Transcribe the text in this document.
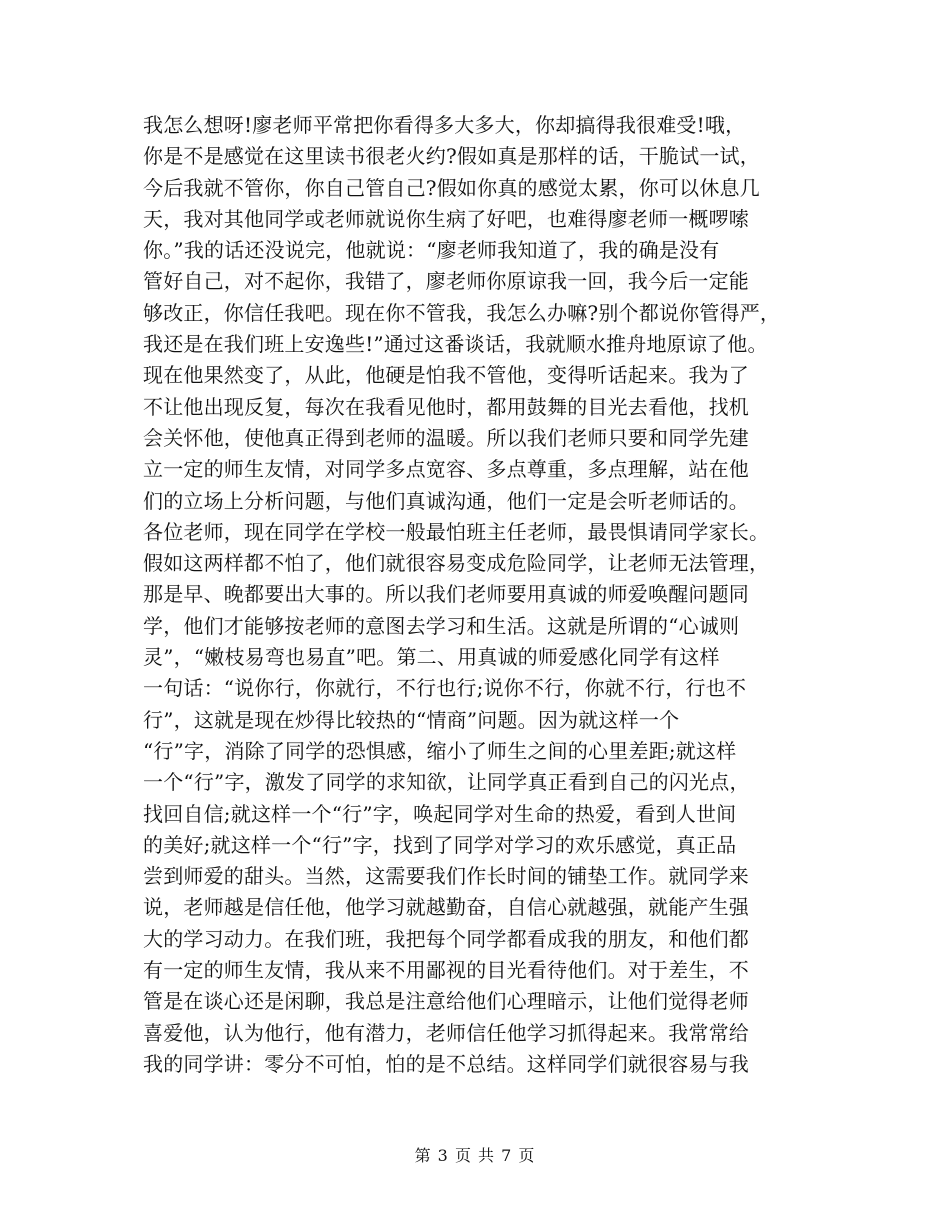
我怎么想呀!廖老师平常把你看得多大多大，你却搞得我很难受!哦，
你是不是感觉在这里读书很老火约?假如真是那样的话，干脆试一试，
今后我就不管你，你自己管自己?假如你真的感觉太累，你可以休息几
天，我对其他同学或老师就说你生病了好吧，也难得廖老师一概啰嗦
你。”我的话还没说完，他就说：“廖老师我知道了，我的确是没有
管好自己，对不起你，我错了，廖老师你原谅我一回，我今后一定能
够改正，你信任我吧。现在你不管我，我怎么办嘛?别个都说你管得严，
我还是在我们班上安逸些!”通过这番谈话，我就顺水推舟地原谅了他。
现在他果然变了，从此，他硬是怕我不管他，变得听话起来。我为了
不让他出现反复，每次在我看见他时，都用鼓舞的目光去看他，找机
会关怀他，使他真正得到老师的温暖。所以我们老师只要和同学先建
立一定的师生友情，对同学多点宽容、多点尊重，多点理解，站在他
们的立场上分析问题，与他们真诚沟通，他们一定是会听老师话的。
各位老师，现在同学在学校一般最怕班主任老师，最畏惧请同学家长。
假如这两样都不怕了，他们就很容易变成危险同学，让老师无法管理，
那是早、晚都要出大事的。所以我们老师要用真诚的师爱唤醒问题同
学，他们才能够按老师的意图去学习和生活。这就是所谓的“心诚则
灵”，“嫩枝易弯也易直”吧。第二、用真诚的师爱感化同学有这样
一句话：“说你行，你就行，不行也行;说你不行，你就不行，行也不
行”，这就是现在炒得比较热的“情商”问题。因为就这样一个
“行”字，消除了同学的恐惧感，缩小了师生之间的心里差距;就这样
一个“行”字，激发了同学的求知欲，让同学真正看到自己的闪光点，
找回自信;就这样一个“行”字，唤起同学对生命的热爱，看到人世间
的美好;就这样一个“行”字，找到了同学对学习的欢乐感觉，真正品
尝到师爱的甜头。当然，这需要我们作长时间的铺垫工作。就同学来
说，老师越是信任他，他学习就越勤奋，自信心就越强，就能产生强
大的学习动力。在我们班，我把每个同学都看成我的朋友，和他们都
有一定的师生友情，我从来不用鄙视的目光看待他们。对于差生，不
管是在谈心还是闲聊，我总是注意给他们心理暗示，让他们觉得老师
喜爱他，认为他行，他有潜力，老师信任他学习抓得起来。我常常给
我的同学讲：零分不可怕，怕的是不总结。这样同学们就很容易与我
第 3 页 共 7 页
